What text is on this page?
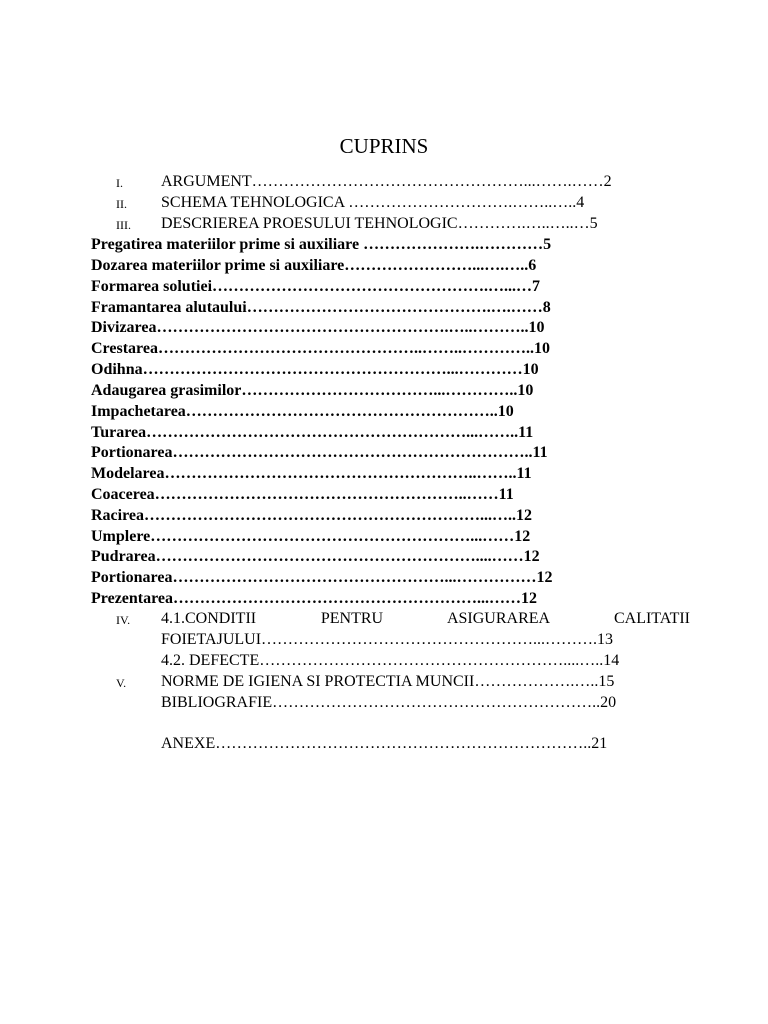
CUPRINS
I. ARGUMENT……………………………………………...…….……2
II. SCHEMA TEHNOLOGICA ………………………….……..…..4
III. DESCRIEREA PROESULUI TEHNOLOGIC………….…..…..…5
Pregatirea materiilor prime si auxiliare ………………….…………5
Dozarea materiilor prime si auxiliare……………………...….…..6
Formarea solutiei…………………………………………….…...…7
Framantarea alutaului……………………………………….….……8
Divizarea……………………………………………….…..………..10
Crestarea…………………………………………..……..…………..10
Odihna…………………………………………………...…………10
Adaugarea grasimilor………………………………...…………..10
Impachetarea…………………………………………………..10
Turarea……………………………………………………...……..11
Portionarea…………………………………………………………..11
Modelarea…………………………………………………..……..11
Coacerea…………………………………………………..……11
Racirea………………………………………………………...…..12
Umplere……………………………………………………...……12
Pudrarea……………………………………………………....……12
Portionarea……………………………………………...……………12
Prezentarea…………………………………………………...……12
IV. 4.1.CONDITII PENTRU ASIGURAREA CALITATII
FOIETAJULUI……………………………………………...……….13
4.2. DEFECTE…………………………………………………....…..14
V. NORME DE IGIENA SI PROTECTIA MUNCII……………….…..15
BIBLIOGRAFIE……………………………………………………..20
ANEXE……………………………………………………………..21
